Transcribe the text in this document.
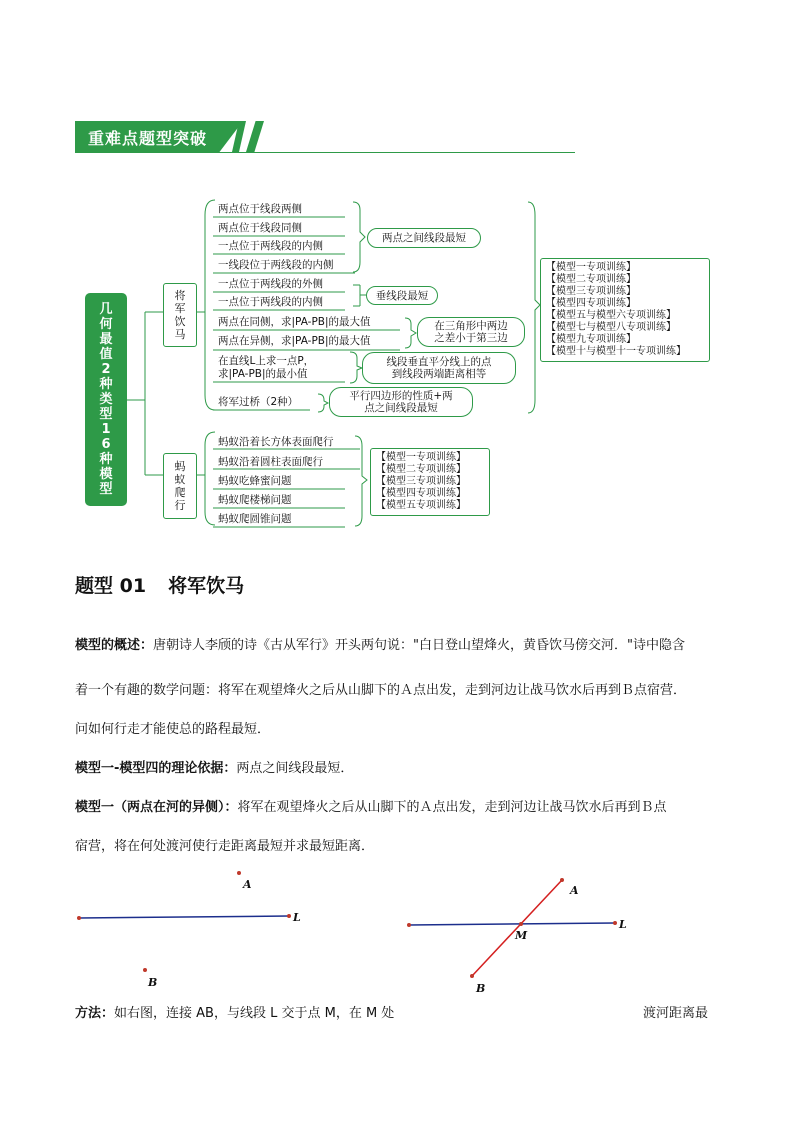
重难点题型突破
几何最值2种类型16种模型
将军饮马
蚂蚁爬行
两点位于线段两侧
两点位于线段同侧
一点位于两线段的内侧
一线段位于两线段的内侧
一点位于两线段的外侧
一点位于两线段的内侧
两点在同侧，求|PA-PB|的最大值
两点在异侧，求|PA-PB|的最大值
在直线L上求一点P，
求|PA-PB|的最小值
将军过桥（2种）
两点之间线段最短
垂线段最短
在三角形中两边
之差小于第三边
线段垂直平分线上的点
到线段两端距离相等
平行四边形的性质+两
点之间线段最短
【模型一专项训练】
【模型二专项训练】
【模型三专项训练】
【模型四专项训练】
【模型五与模型六专项训练】
【模型七与模型八专项训练】
【模型九专项训练】
【模型十与模型十一专项训练】
蚂蚁沿着长方体表面爬行
蚂蚁沿着圆柱表面爬行
蚂蚁吃蜂蜜问题
蚂蚁爬楼梯问题
蚂蚁爬圆锥问题
【模型一专项训练】
【模型二专项训练】
【模型三专项训练】
【模型四专项训练】
【模型五专项训练】
题型 01 将军饮马
模型的概述：唐朝诗人李颀的诗《古从军行》开头两句说："白日登山望烽火，黄昏饮马傍交河．"诗中隐含
着一个有趣的数学问题：将军在观望烽火之后从山脚下的Ａ点出发，走到河边让战马饮水后再到Ｂ点宿营．
问如何行走才能使总的路程最短．
模型一-模型四的理论依据：两点之间线段最短．
模型一（两点在河的异侧）：将军在观望烽火之后从山脚下的Ａ点出发，走到河边让战马饮水后再到Ｂ点
宿营，将在何处渡河使行走距离最短并求最短距离．
A
L
B
A
L
M
B
方法：如右图，连接 AB，与线段 L 交于点 M，在 M 处	渡河距离最
